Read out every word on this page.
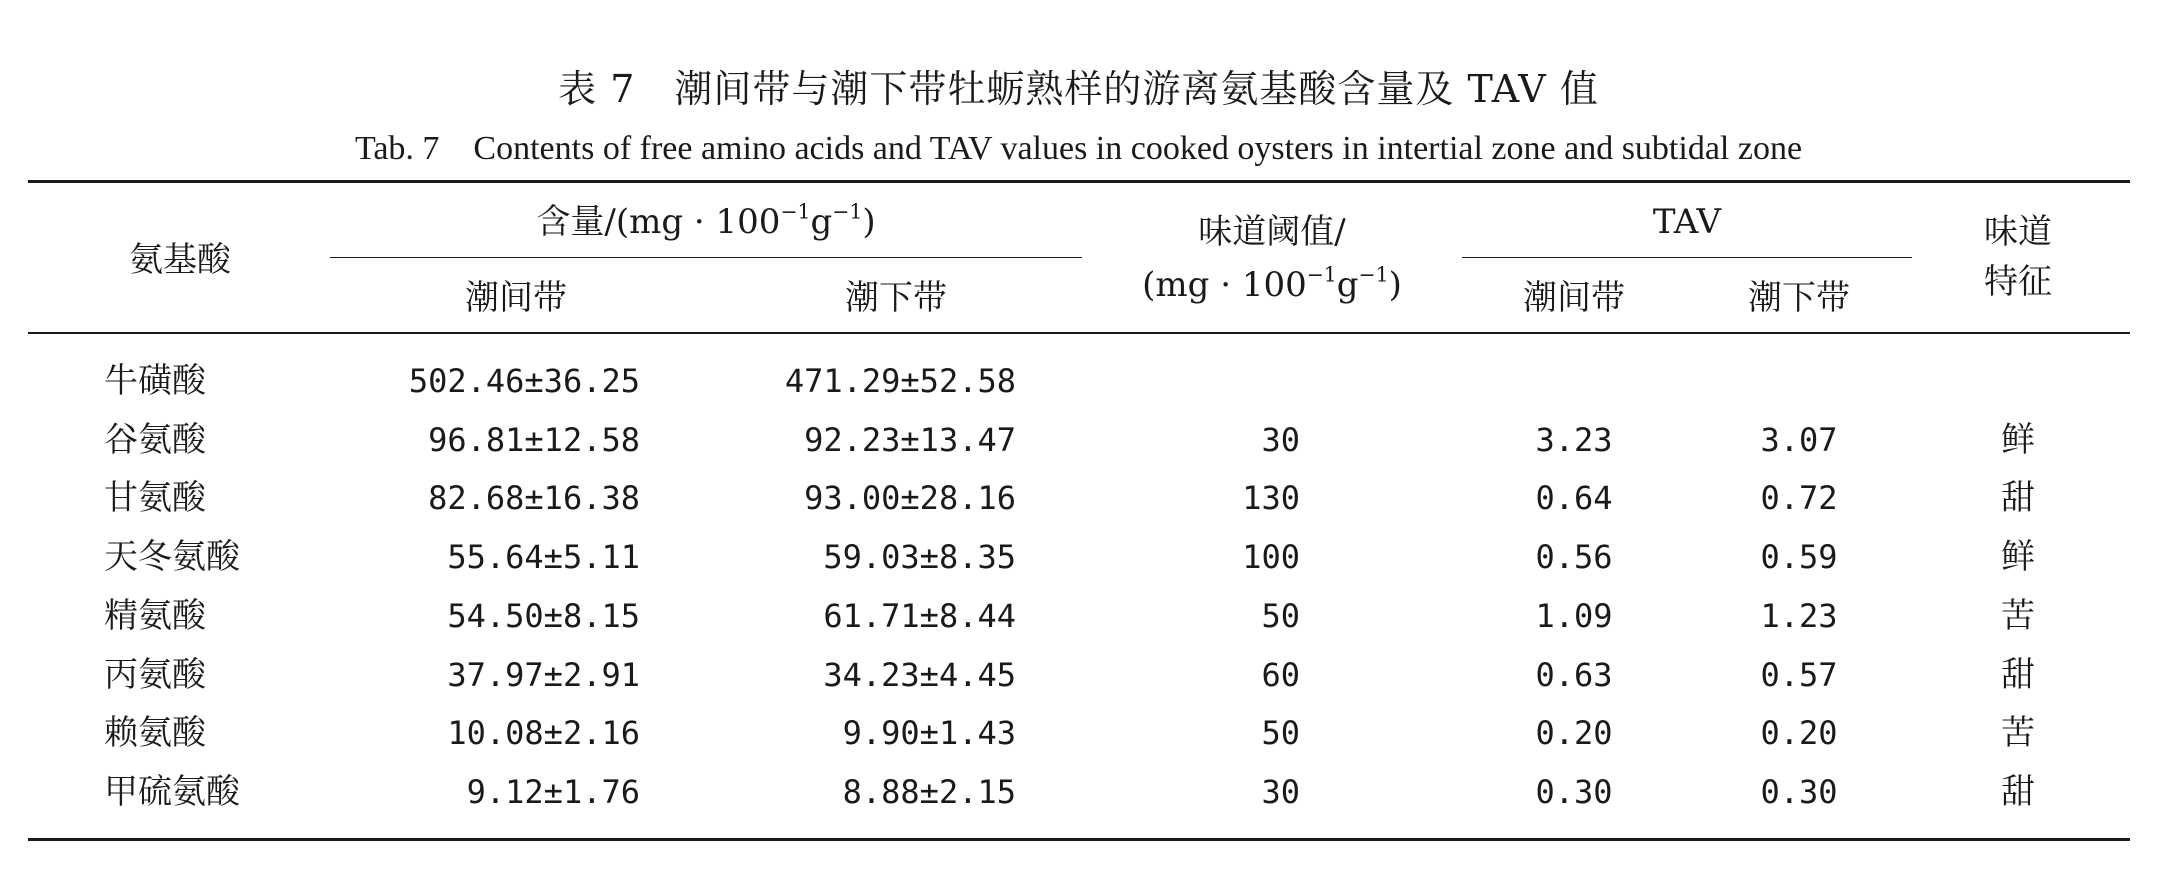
表 7　潮间带与潮下带牡蛎熟样的游离氨基酸含量及 TAV 值
Tab. 7　Contents of free amino acids and TAV values in cooked oysters in intertial zone and subtidal zone
氨基酸
含量$/(mg \cdot 100^{-1}g^{-1})$
潮间带	潮下带
味道阈值/
$(mg \cdot 100^{-1}g^{-1})$
TAV
潮间带	潮下带
味道
特征
牛磺酸	502.46±36.25	471.29±52.58
谷氨酸	96.81±12.58	92.23±13.47	30	3.23	3.07	鲜
甘氨酸	82.68±16.38	93.00±28.16	130	0.64	0.72	甜
天冬氨酸	55.64±5.11	59.03±8.35	100	0.56	0.59	鲜
精氨酸	54.50±8.15	61.71±8.44	50	1.09	1.23	苦
丙氨酸	37.97±2.91	34.23±4.45	60	0.63	0.57	甜
赖氨酸	10.08±2.16	9.90±1.43	50	0.20	0.20	苦
甲硫氨酸	9.12±1.76	8.88±2.15	30	0.30	0.30	甜
